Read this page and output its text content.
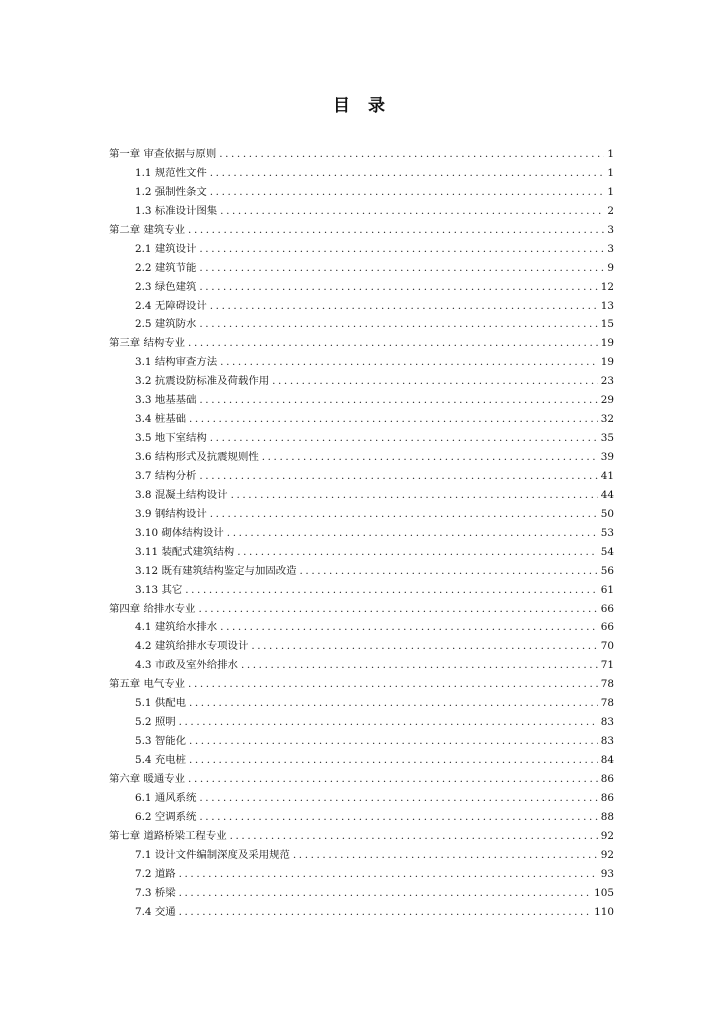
目 录
第一章 审查依据与原则 .....	1
1.1 规范性文件 .....	1
1.2 强制性条文 .....	1
1.3 标准设计图集 .....	2
第二章 建筑专业 .....	3
2.1 建筑设计 .....	3
2.2 建筑节能 .....	9
2.3 绿色建筑 .....	12
2.4 无障碍设计 .....	13
2.5 建筑防水 .....	15
第三章 结构专业 .....	19
3.1 结构审查方法 .....	19
3.2 抗震设防标准及荷载作用 .....	23
3.3 地基基础 .....	29
3.4 桩基础 .....	32
3.5 地下室结构 .....	35
3.6 结构形式及抗震规则性 .....	39
3.7 结构分析 .....	41
3.8 混凝土结构设计 .....	44
3.9 钢结构设计 .....	50
3.10 砌体结构设计 .....	53
3.11 装配式建筑结构 .....	54
3.12 既有建筑结构鉴定与加固改造 .....	56
3.13 其它 .....	61
第四章 给排水专业 .....	66
4.1 建筑给水排水 .....	66
4.2 建筑给排水专项设计 .....	70
4.3 市政及室外给排水 .....	71
第五章 电气专业 .....	78
5.1 供配电 .....	78
5.2 照明 .....	83
5.3 智能化 .....	83
5.4 充电桩 .....	84
第六章 暖通专业 .....	86
6.1 通风系统 .....	86
6.2 空调系统 .....	88
第七章 道路桥梁工程专业 .....	92
7.1 设计文件编制深度及采用规范 .....	92
7.2 道路 .....	93
7.3 桥梁 .....	105
7.4 交通 .....	110
